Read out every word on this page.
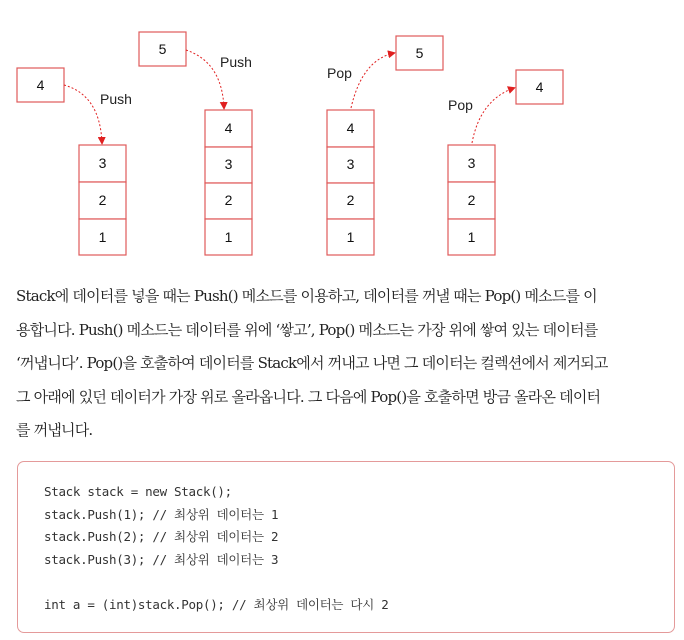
4
Push
3
2
1
5
Push
4
3
2
1
4
3
2
1
Pop
5
3
2
1
Pop
4

Stack에 데이터를 넣을 때는 Push() 메소드를 이용하고, 데이터를 꺼낼 때는 Pop() 메소드를 이
용합니다. Push() 메소드는 데이터를 위에 ‘쌓고’, Pop() 메소드는 가장 위에 쌓여 있는 데이터를
‘꺼냅니다’. Pop()을 호출하여 데이터를 Stack에서 꺼내고 나면 그 데이터는 컬렉션에서 제거되고
그 아래에 있던 데이터가 가장 위로 올라옵니다. 그 다음에 Pop()을 호출하면 방금 올라온 데이터
를 꺼냅니다.

Stack stack = new Stack();
stack.Push(1); // 최상위 데이터는 1
stack.Push(2); // 최상위 데이터는 2
stack.Push(3); // 최상위 데이터는 3
int a = (int)stack.Pop(); // 최상위 데이터는 다시 2
